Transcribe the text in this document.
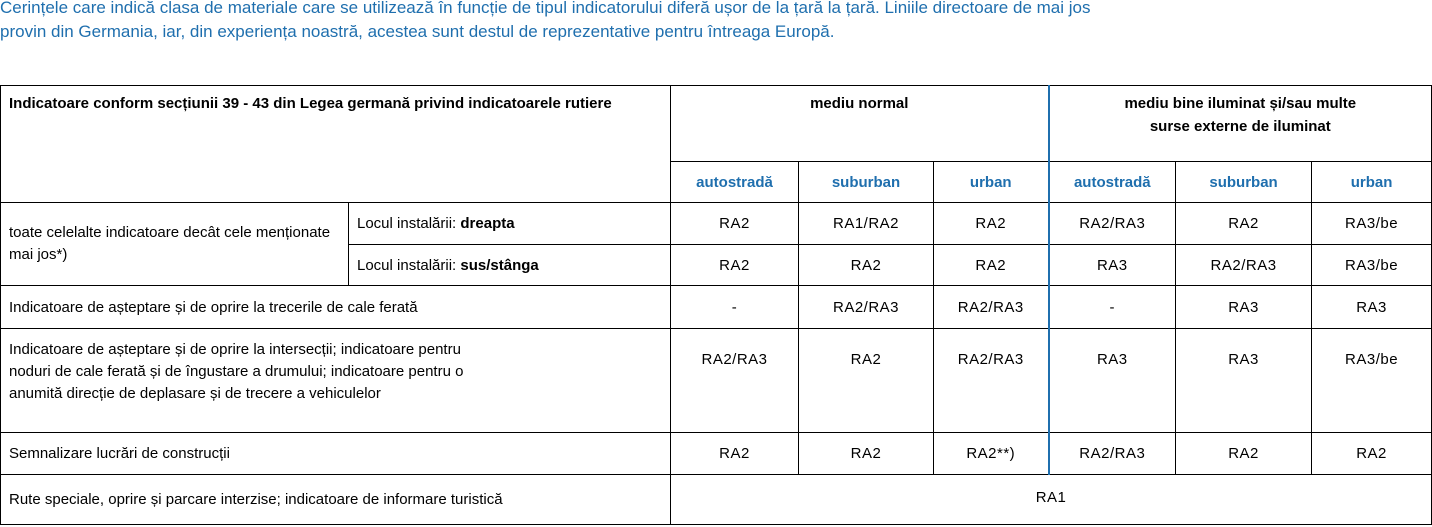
Cerințele care indică clasa de materiale care se utilizează în funcție de tipul indicatorului diferă ușor de la țară la țară. Liniile directoare de mai jos

provin din Germania, iar, din experiența noastră, acestea sunt destul de reprezentative pentru întreaga Europă.

Indicatoare conform secțiunii 39 - 43 din Legea germană privind indicatoarele rutiere		mediu normal			mediu bine iluminat și/sau multe
surse externe de iluminat		

		autostradă	suburban	urban	autostradă	suburban	urban
toate celelalte indicatoare decât cele menționate mai jos*)	Locul instalării: dreapta	RA2	RA1/RA2	RA2	RA2/RA3	RA2	RA3/be
	Locul instalării: sus/stânga	RA2	RA2	RA2	RA3	RA2/RA3	RA3/be
Indicatoare de așteptare și de oprire la trecerile de cale ferată		-	RA2/RA3	RA2/RA3	-	RA3	RA3

Indicatoare de așteptare și de oprire la intersecții; indicatoare pentru
noduri de cale ferată și de îngustare a drumului; indicatoare pentru o
anumită direcție de deplasare și de trecere a vehiculelor		RA2/RA3	RA2	RA2/RA3	RA3	RA3	RA3/be
Semnalizare lucrări de construcții		RA2	RA2	RA2**)	RA2/RA3	RA2	RA2
Rute speciale, oprire și parcare interzise; indicatoare de informare turistică		RA1					
